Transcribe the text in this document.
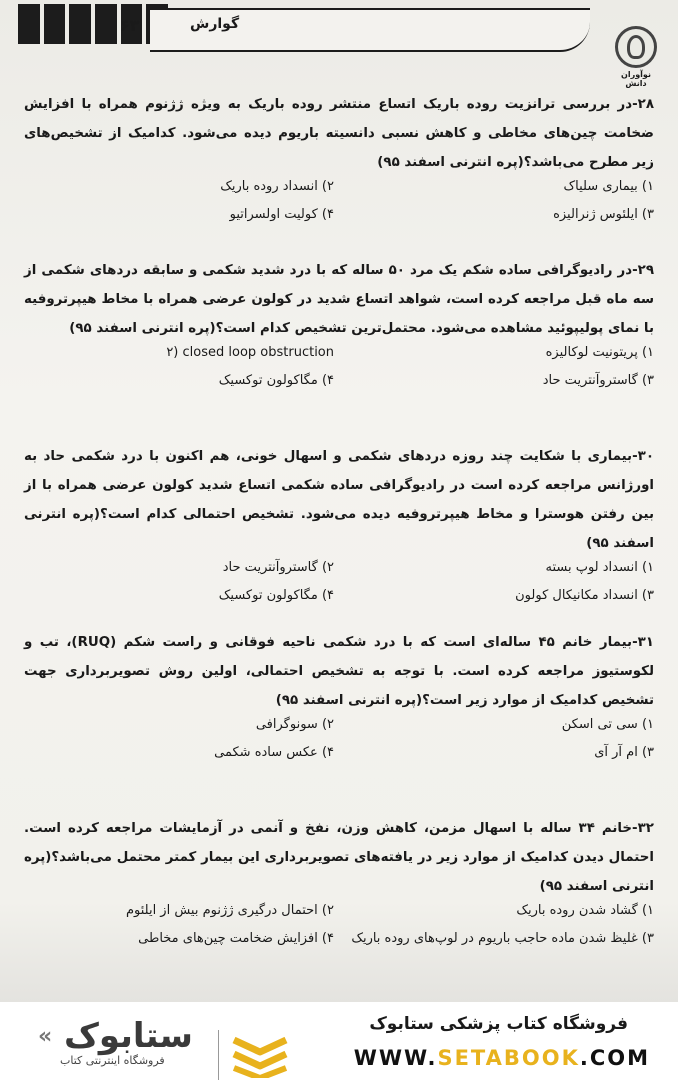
۶۳	گوارش
نوآوران دانش
۲۸-در بررسی ترانزیت روده باریک اتساع منتشر روده باریک به ویژه ژژنوم همراه با افزایش ضخامت چین‌های مخاطی و کاهش نسبی دانسیته باریوم دیده می‌شود. کدامیک از تشخیص‌های زیر مطرح می‌باشد؟(پره انترنی اسفند ۹۵)
۱) بیماری سلیاک
۲) انسداد روده باریک
۳) ایلئوس ژنرالیزه
۴) کولیت اولسراتیو
۲۹-در رادیوگرافی ساده شکم یک مرد ۵۰ ساله که با درد شدید شکمی و سابقه دردهای شکمی از سه ماه قبل مراجعه کرده است، شواهد اتساع شدید در کولون عرضی همراه با مخاط هیپرتروفیه با نمای پولیپوئید مشاهده می‌شود. محتمل‌ترین تشخیص کدام است؟(پره انترنی اسفند ۹۵)
۱) پریتونیت لوکالیزه
۲) closed loop obstruction
۳) گاستروآنتریت حاد
۴) مگاکولون توکسیک
۳۰-بیماری با شکایت چند روزه دردهای شکمی و اسهال خونی، هم اکنون با درد شکمی حاد به اورژانس مراجعه کرده است در رادیوگرافی ساده شکمی اتساع شدید کولون عرضی همراه با از بین رفتن هوسترا و مخاط هیپرتروفیه دیده می‌شود. تشخیص احتمالی کدام است؟(پره انترنی اسفند ۹۵)
۱) انسداد لوپ بسته
۲) گاستروآنتریت حاد
۳) انسداد مکانیکال کولون
۴) مگاکولون توکسیک
۳۱-بیمار خانم ۴۵ ساله‌ای است که با درد شکمی ناحیه فوقانی و راست شکم (RUQ)، تب و لکوستیوز مراجعه کرده است. با توجه به تشخیص احتمالی، اولین روش تصویربرداری جهت تشخیص کدامیک از موارد زیر است؟(پره انترنی اسفند ۹۵)
۱) سی تی اسکن
۲) سونوگرافی
۳) ام آر آی
۴) عکس ساده شکمی
۳۲-خانم ۳۴ ساله با اسهال مزمن، کاهش وزن، نفخ و آنمی در آزمایشات مراجعه کرده است. احتمال دیدن کدامیک از موارد زیر در یافته‌های تصویربرداری این بیمار کمتر محتمل می‌باشد؟(پره انترنی اسفند ۹۵)
۱) گشاد شدن روده باریک
۲) احتمال درگیری ژژنوم بیش از ایلئوم
۳) غلیظ شدن ماده حاجب باریوم در لوپ‌های روده باریک
۴) افزایش ضخامت چین‌های مخاطی
« ستابوک
فروشگاه اینترنتی کتاب
فروشگاه کتاب پزشکی ستابوک
WWW.SETABOOK.COM
